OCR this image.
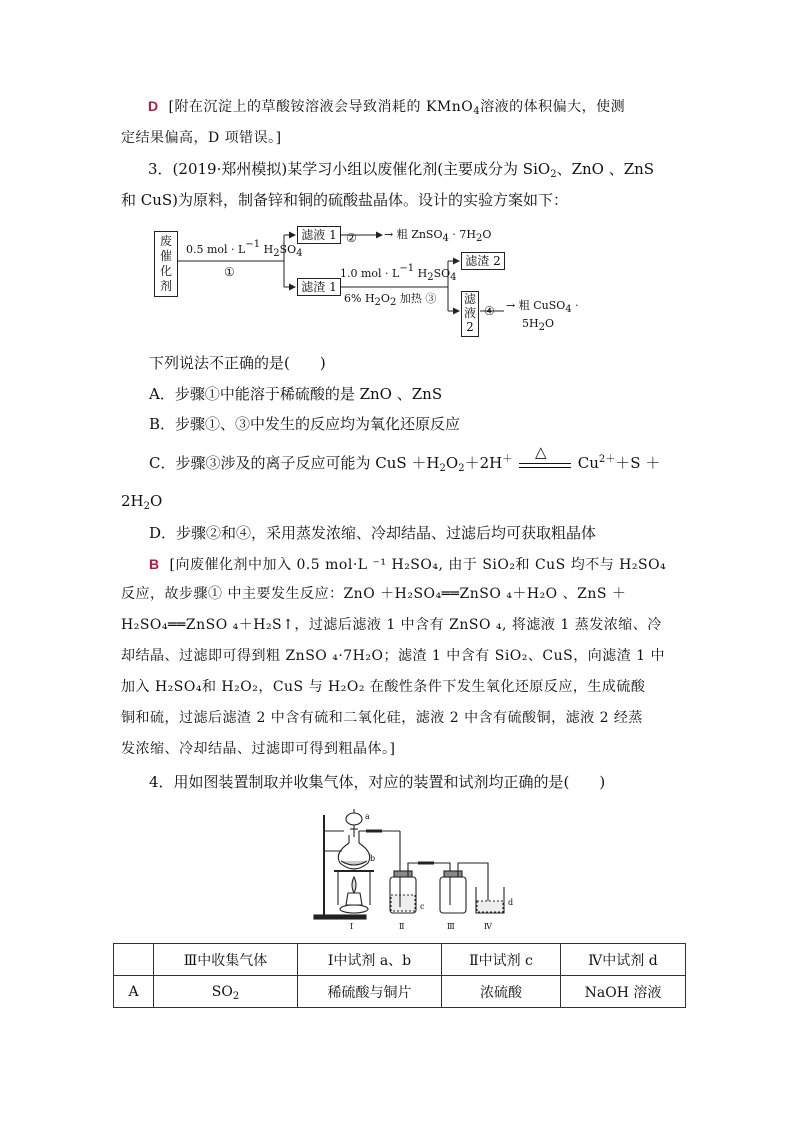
D [附在沉淀上的草酸铵溶液会导致消耗的 KMnO$_4$溶液的体积偏大，使测
定结果偏高，D 项错误。]
3．(2019·郑州模拟)某学习小组以废催化剂(主要成分为 SiO$_2$、ZnO 、ZnS
和 CuS)为原料，制备锌和铜的硫酸盐晶体。设计的实验方案如下：
废催化剂
0.5 mol · $L^{-1}$ $H_2SO_4$
①
滤液 1 ② → 粗 ZnSO$_4$ · $7H_2O$
滤渣 1
1.0 mol · $L^{-1}$ $H_2SO_4$
6% $H_2O_2$ 加热 ③
滤渣 2
滤液2
④ → 粗 CuSO$_4$ ·
$5H_2O$
下列说法不正确的是(　　)
A．步骤①中能溶于稀硫酸的是 ZnO 、ZnS
B．步骤①、③中发生的反应均为氧化还原反应
C．步骤③涉及的离子反应可能为 CuS $+H_2O_2+2H^+$ △
$Cu^{2+}+S$ ＋
$2H_2O$
D．步骤②和④，采用蒸发浓缩、冷却结晶、过滤后均可获取粗晶体
B [向废催化剂中加入 0.5 mol·L ⁻¹ H₂SO₄, 由于 SiO₂和 CuS 均不与 H₂SO₄
反应，故步骤① 中主要发生反应：ZnO ＋H₂SO₄══ZnSO ₄＋H₂O 、ZnS ＋
H₂SO₄══ZnSO ₄＋H₂S↑，过滤后滤液 1 中含有 ZnSO ₄, 将滤液 1 蒸发浓缩、冷
却结晶、过滤即可得到粗 ZnSO ₄·7H₂O；滤渣 1 中含有 SiO₂、CuS，向滤渣 1 中
加入 H₂SO₄和 H₂O₂，CuS 与 H₂O₂ 在酸性条件下发生氧化还原反应，生成硫酸
铜和硫，过滤后滤渣 2 中含有硫和二氧化硅，滤液 2 中含有硫酸铜，滤液 2 经蒸
发浓缩、冷却结晶、过滤即可得到粗晶体。]
4．用如图装置制取并收集气体，对应的装置和试剂均正确的是(　　)
a
b
c	d
Ⅰ	Ⅱ	Ⅲ	Ⅳ
	Ⅲ中收集气体	Ⅰ中试剂 a、b	Ⅱ中试剂 c	Ⅳ中试剂 d
A	$SO_2$	稀硫酸与铜片	浓硫酸	NaOH 溶液
